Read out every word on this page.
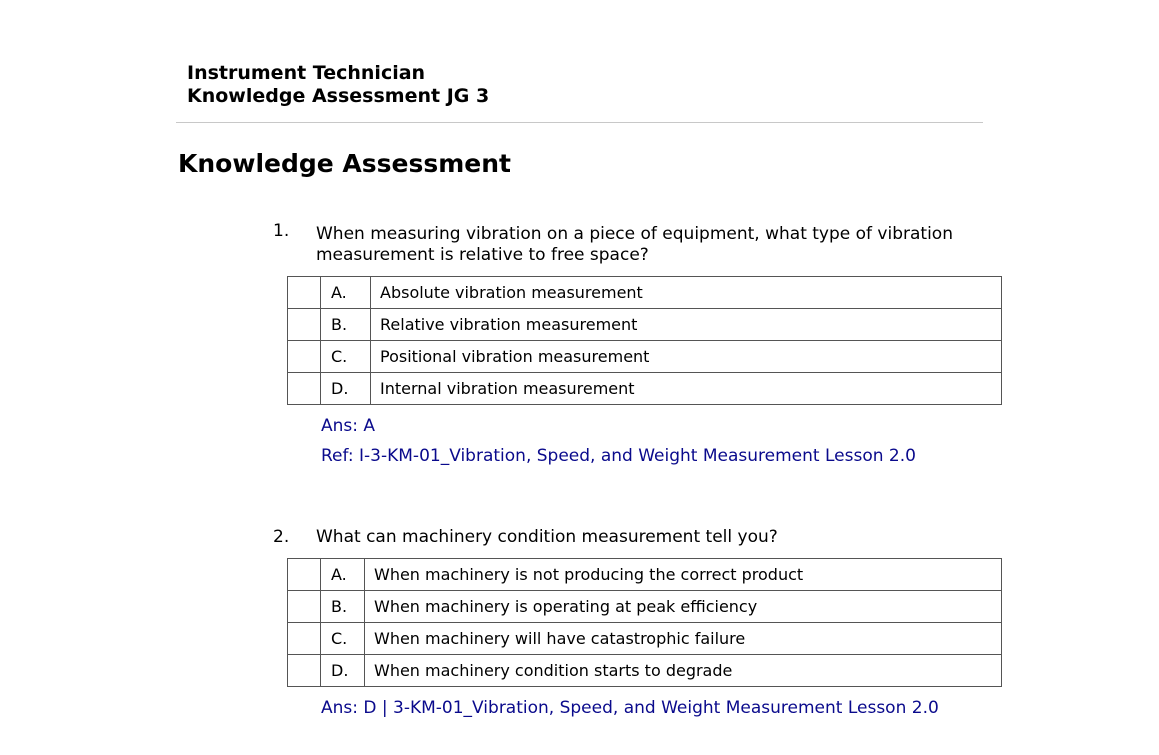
Instrument Technician
Knowledge Assessment JG 3
Knowledge Assessment
1. When measuring vibration on a piece of equipment, what type of vibration measurement is relative to free space?
	A.	Absolute vibration measurement
	B.	Relative vibration measurement
	C.	Positional vibration measurement
	D.	Internal vibration measurement
Ans: A
Ref: I-3-KM-01_Vibration, Speed, and Weight Measurement Lesson 2.0
2. What can machinery condition measurement tell you?
	A.	When machinery is not producing the correct product
	B.	When machinery is operating at peak efficiency
	C.	When machinery will have catastrophic failure
	D.	When machinery condition starts to degrade
Ans: D | 3-KM-01_Vibration, Speed, and Weight Measurement Lesson 2.0
